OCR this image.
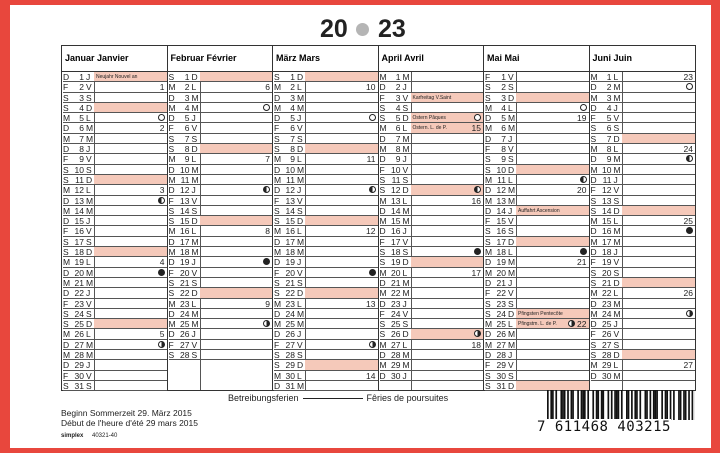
20 23
Januar Janvier
D	1 J	Neujahr Nouvel an
F	2 V	1
S	3 S
S	4 D
M	5 L
D	6 M	2
M	7 M
D	8 J
F	9 V
S 10 S
S 11 D
M 12 L	3
D 13 M
M 14 M
D 15 J
F 16 V
S 17 S
S 18 D
M 19 L	4
D 20 M
M 21 M
D 22 J
F 23 V
S 24 S
S 25 D
M 26 L	5
D 27 M
M 28 M
D 29 J
F 30 V
S 31 S
Februar Février
S	1 D
M	2 L	6
D	3 M
M	4 M
D	5 J
F	6 V
S	7 S
S	8 D
M	9 L	7
D 10 M
M 11 M
D 12 J
F 13 V
S 14 S
S 15 D
M 16 L	8
D 17 M
M 18 M
D 19 J
F 20 V
S 21 S
S 22 D
M 23 L	9
D 24 M
M 25 M
D 26 J
F 27 V
S 28 S
März Mars
S	1 D
M	2 L	10
D	3 M
M	4 M
D	5 J
F	6 V
S	7 S
S	8 D
M	9 L	11
D 10 M
M 11 M
D 12 J
F 13 V
S 14 S
S 15 D
M 16 L	12
D 17 M
M 18 M
D 19 J
F 20 V
S 21 S
S 22 D
M 23 L	13
D 24 M
M 25 M
D 26 J
F 27 V
S 28 S
S 29 D
M 30 L	14
D 31 M
April Avril
M	1 M
D	2 J
F	3 V Karfreitag V.Saint
S	4 S
S	5 D Ostern Pâques
M	6 L	Ostern. L. de P.	15
D	7 M
M	8 M
D	9 J
F 10 V
S 11 S
S 12 D
M 13 L	16
D 14 M
M 15 M
D 16 J
F 17 V
S 18 S
S 19 D
M 20 L	17
D 21 M
M 22 M
D 23 J
F 24 V
S 25 S
S 26 D
M 27 L	18
D 28 M
M 29 M
D 30 J
Mai Mai
F	1 V
S	2 S
S	3 D
M	4 L
D	5 M	19
M	6 M
D	7 J
F	8 V
S	9 S
S 10 D
M 11 L
D 12 M	20
M 13 M
D 14 J	Auffahrt Ascension
F 15 V
S 16 S
S 17 D
M 18 L
D 19 M	21
M 20 M
D 21 J
F 22 V
S 23 S
S 24 D Pfingsten Pentecôte
M 25 L	Pfingstm. L. de P. 22
D 26 M
M 27 M
D 28 J
F 29 V
S 30 S
S 31 D
Juni Juin
M	1 L	23
D	2 M
M	3 M
D	4 J
F	5 V
S	6 S
S	7 D
M	8 L	24
D	9 M
M 10 M
D 11 J
F 12 V
S 13 S
S 14 D
M 15 L	25
D 16 M
M 17 M
D 18 J
F 19 V
S 20 S
S 21 D
M 22 L	26
D 23 M
M 24 M
D 25 J
F 26 V
S 27 S
S 28 D
M 29 L	27
D 30 M
Betreibungsferien	Fêries de poursuites
Beginn Sommerzeit 29. März 2015
Début de l'heure d'été 29 mars 2015
simplex 40321-40
7 611468 403215
